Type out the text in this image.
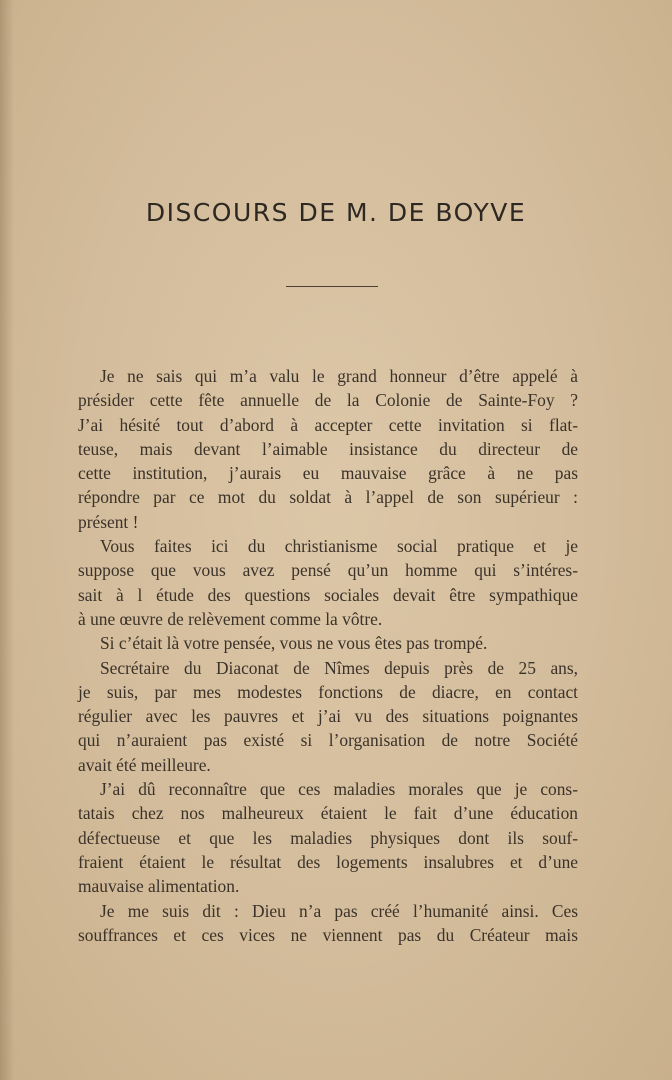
DISCOURS DE M. DE BOYVE
Je ne sais qui m’a valu le grand honneur d’être appelé à
présider cette fête annuelle de la Colonie de Sainte-Foy ?
J’ai hésité tout d’abord à accepter cette invitation si flat-
teuse, mais devant l’aimable insistance du directeur de
cette institution, j’aurais eu mauvaise grâce à ne pas
répondre par ce mot du soldat à l’appel de son supérieur :
présent !
Vous faites ici du christianisme social pratique et je
suppose que vous avez pensé qu’un homme qui s’intéres-
sait à l étude des questions sociales devait être sympathique
à une œuvre de relèvement comme la vôtre.
Si c’était là votre pensée, vous ne vous êtes pas trompé.
Secrétaire du Diaconat de Nîmes depuis près de 25 ans,
je suis, par mes modestes fonctions de diacre, en contact
régulier avec les pauvres et j’ai vu des situations poignantes
qui n’auraient pas existé si l’organisation de notre Société
avait été meilleure.
J’ai dû reconnaître que ces maladies morales que je cons-
tatais chez nos malheureux étaient le fait d’une éducation
défectueuse et que les maladies physiques dont ils souf-
fraient étaient le résultat des logements insalubres et d’une
mauvaise alimentation.
Je me suis dit : Dieu n’a pas créé l’humanité ainsi. Ces
souffrances et ces vices ne viennent pas du Créateur mais
